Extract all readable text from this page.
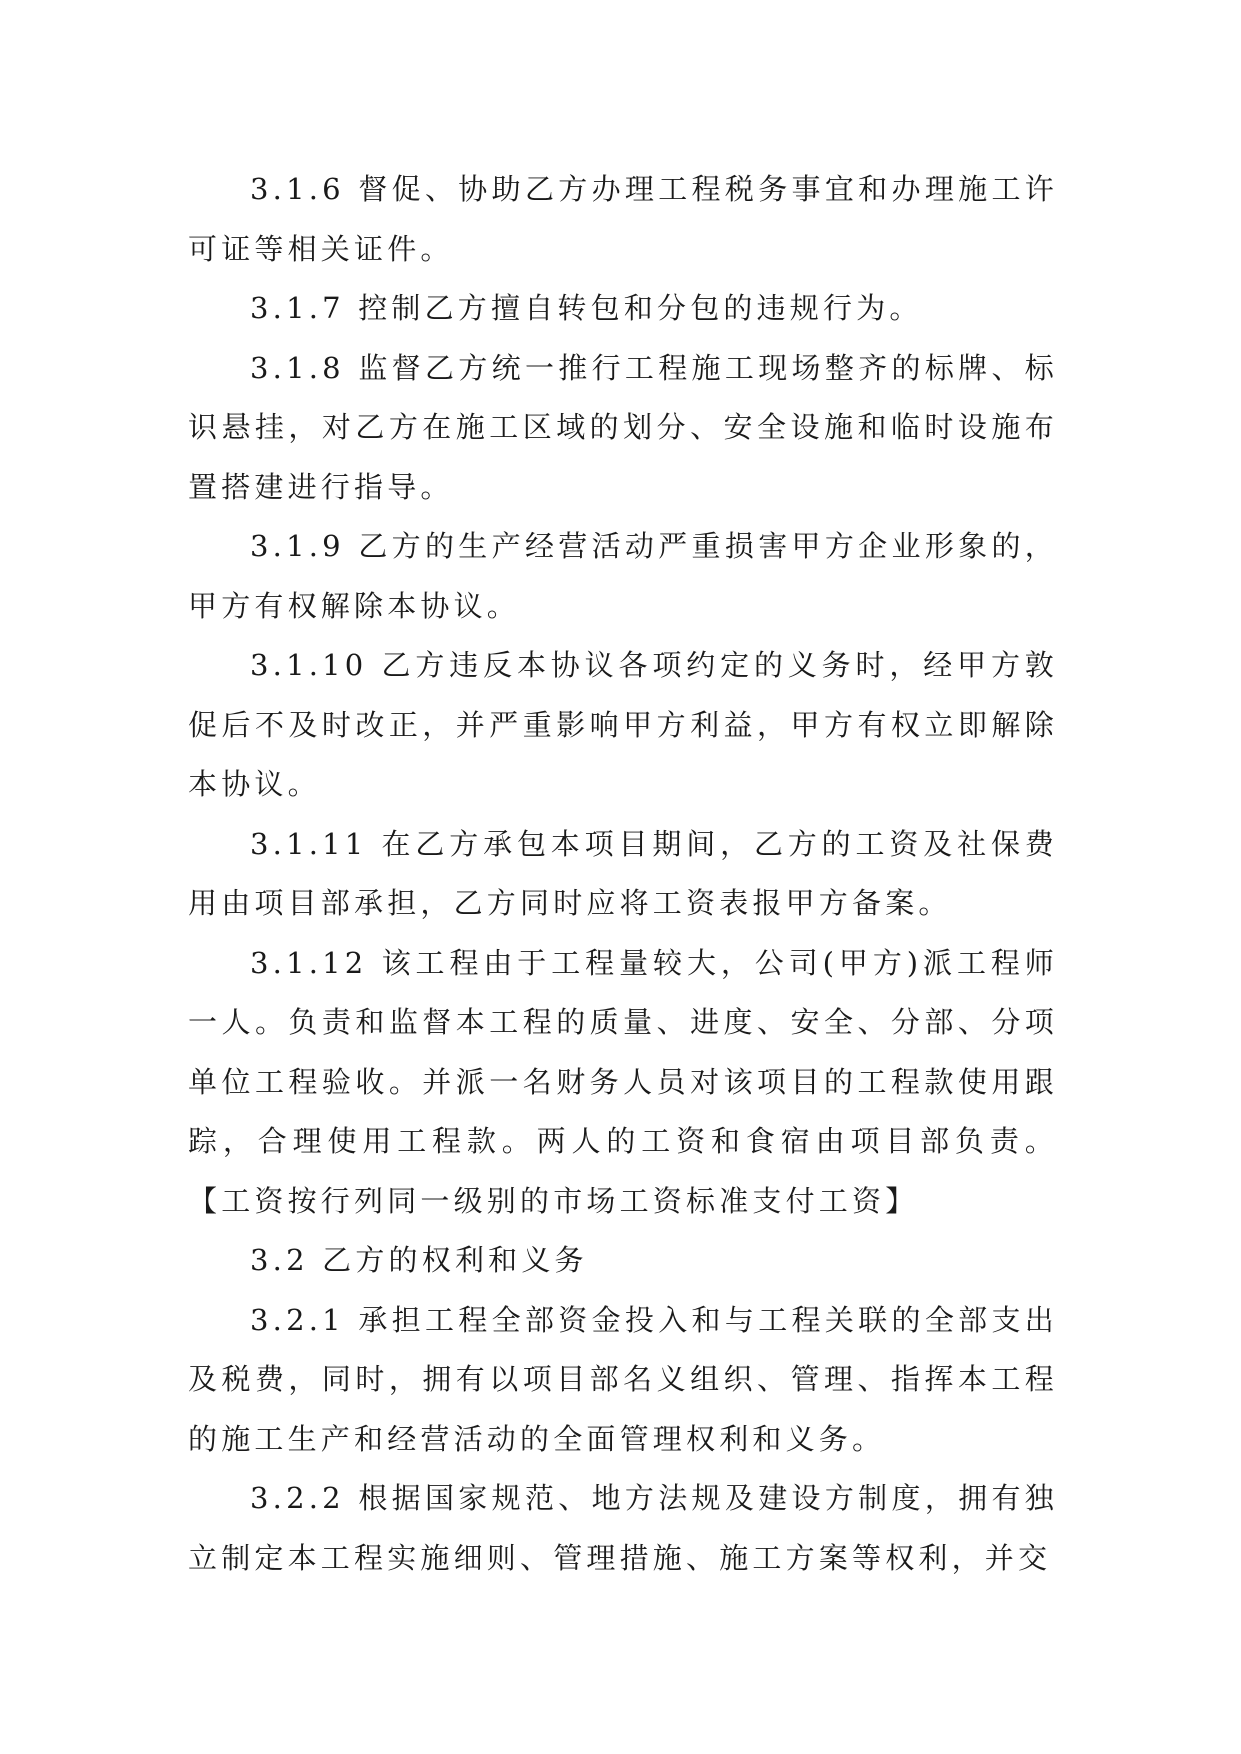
3.1.6 督促、协助乙方办理工程税务事宜和办理施工许可证等相关证件。

3.1.7 控制乙方擅自转包和分包的违规行为。

3.1.8 监督乙方统一推行工程施工现场整齐的标牌、标识悬挂，对乙方在施工区域的划分、安全设施和临时设施布置搭建进行指导。

3.1.9 乙方的生产经营活动严重损害甲方企业形象的，甲方有权解除本协议。

3.1.10 乙方违反本协议各项约定的义务时，经甲方敦促后不及时改正，并严重影响甲方利益，甲方有权立即解除本协议。

3.1.11 在乙方承包本项目期间，乙方的工资及社保费用由项目部承担，乙方同时应将工资表报甲方备案。

3.1.12 该工程由于工程量较大，公司(甲方)派工程师一人。负责和监督本工程的质量、进度、安全、分部、分项单位工程验收。并派一名财务人员对该项目的工程款使用跟踪，合理使用工程款。两人的工资和食宿由项目部负责。【工资按行列同一级别的市场工资标准支付工资】

3.2 乙方的权利和义务

3.2.1 承担工程全部资金投入和与工程关联的全部支出及税费，同时，拥有以项目部名义组织、管理、指挥本工程的施工生产和经营活动的全面管理权利和义务。

3.2.2 根据国家规范、地方法规及建设方制度，拥有独立制定本工程实施细则、管理措施、施工方案等权利，并交
